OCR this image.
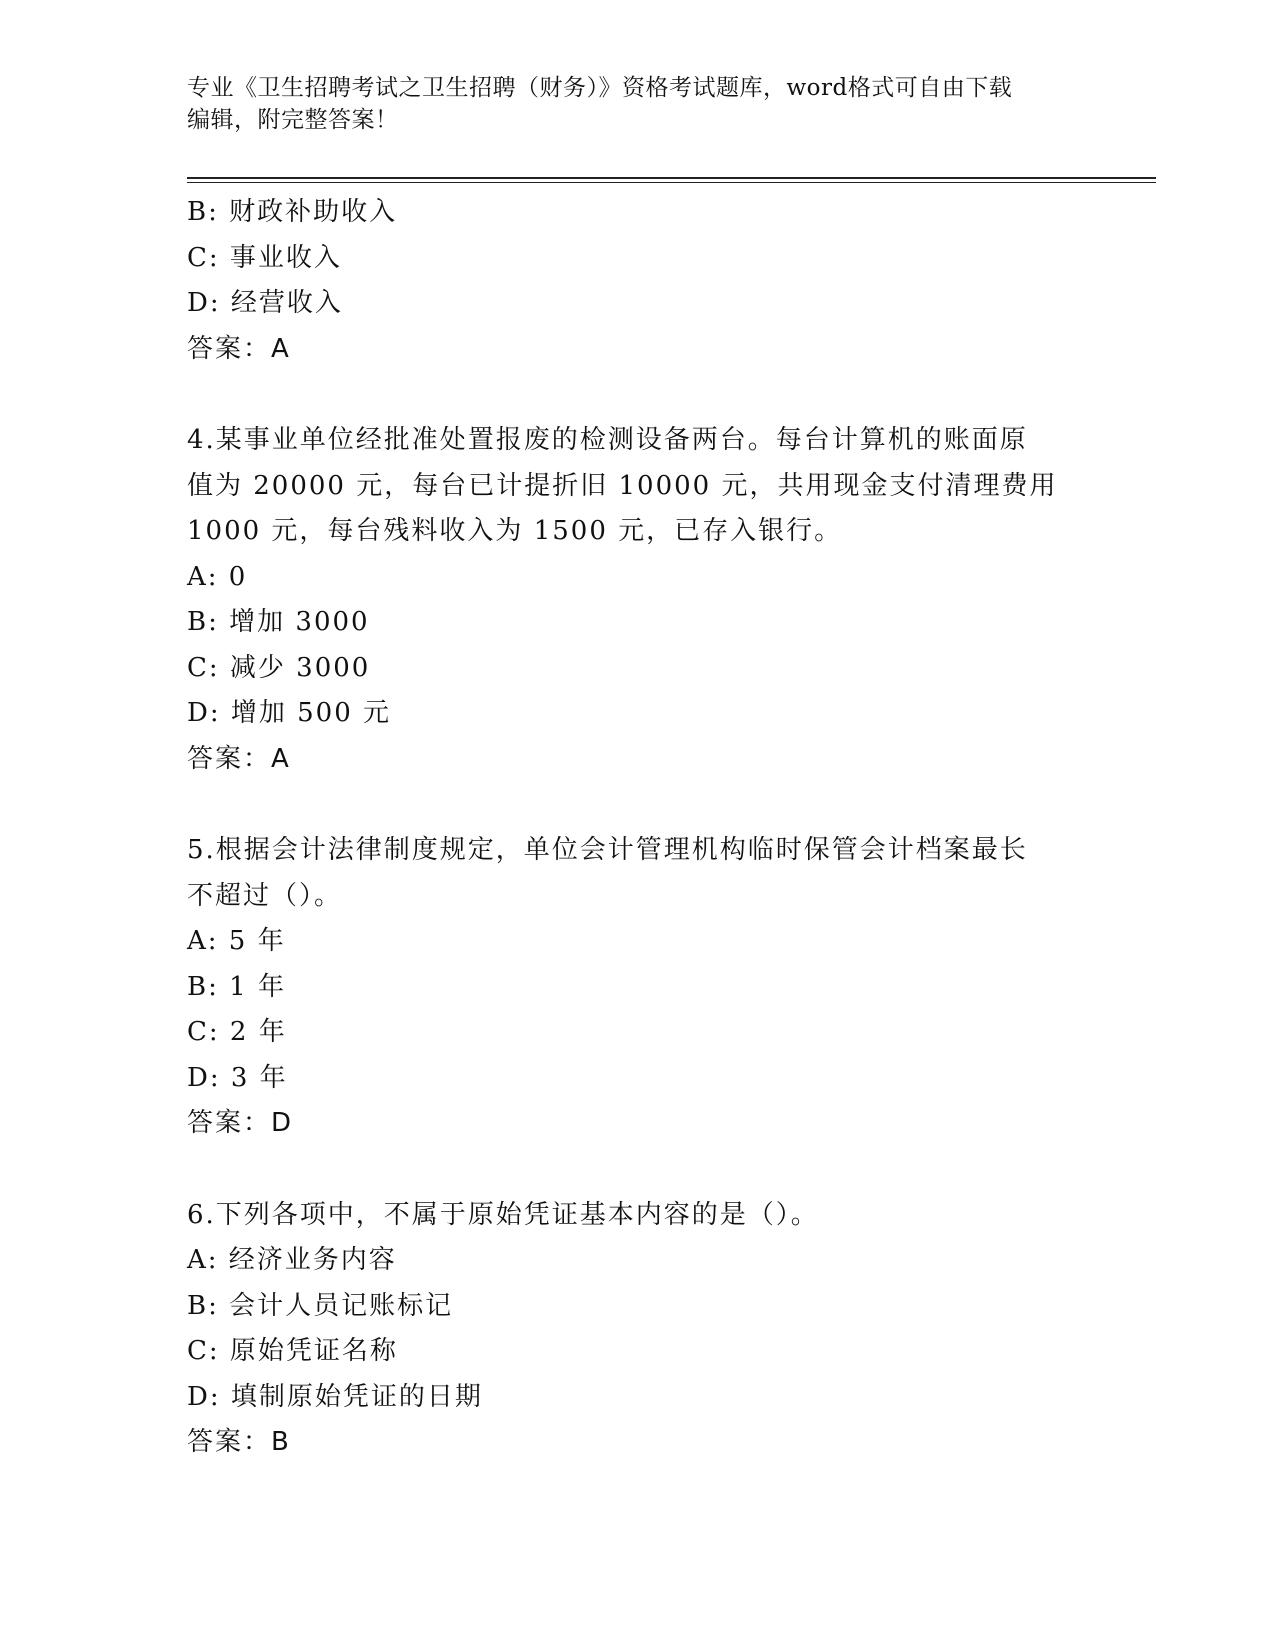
专业《卫生招聘考试之卫生招聘（财务）》资格考试题库，word格式可自由下载
编辑，附完整答案！
B: 财政补助收入
C: 事业收入
D: 经营收入
答案：A
4.某事业单位经批准处置报废的检测设备两台。每台计算机的账面原
值为 20000 元，每台已计提折旧 10000 元，共用现金支付清理费用
1000 元，每台残料收入为 1500 元，已存入银行。
A: 0
B: 增加 3000
C: 减少 3000
D: 增加 500 元
答案：A
5.根据会计法律制度规定，单位会计管理机构临时保管会计档案最长
不超过（）。
A: 5 年
B: 1 年
C: 2 年
D: 3 年
答案：D
6.下列各项中，不属于原始凭证基本内容的是（）。
A: 经济业务内容
B: 会计人员记账标记
C: 原始凭证名称
D: 填制原始凭证的日期
答案：B
